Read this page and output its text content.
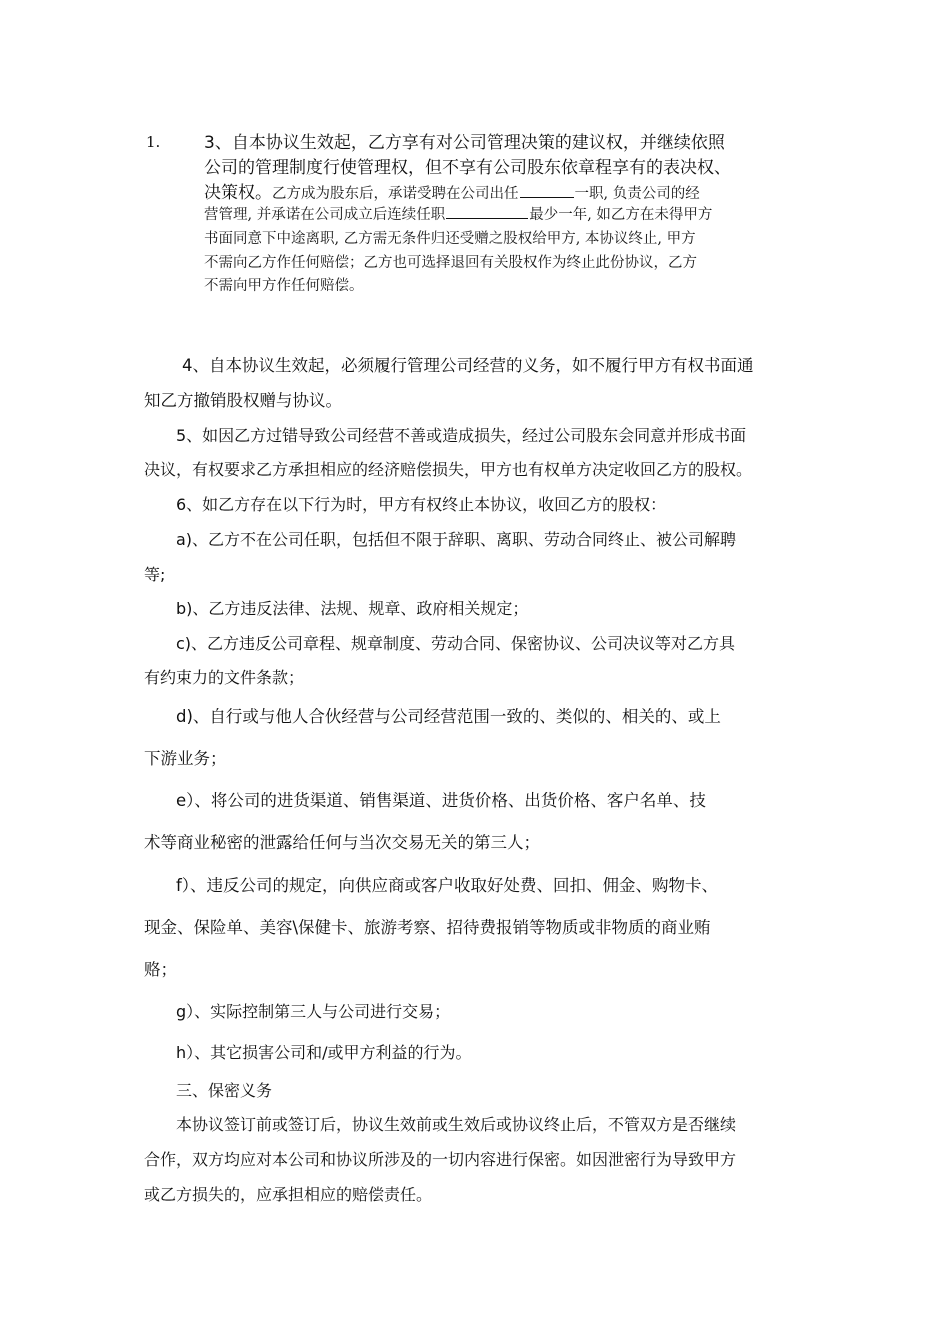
1.	3、自本协议生效起，乙方享有对公司管理决策的建议权，并继续依照
公司的管理制度行使管理权，但不享有公司股东依章程享有的表决权、
决策权。乙方成为股东后，承诺受聘在公司出任	一职, 负责公司的经
营管理, 并承诺在公司成立后连续任职	最少一年, 如乙方在未得甲方
书面同意下中途离职, 乙方需无条件归还受赠之股权给甲方, 本协议终止, 甲方
不需向乙方作任何赔偿；乙方也可选择退回有关股权作为终止此份协议，乙方
不需向甲方作任何赔偿。
4、自本协议生效起，必须履行管理公司经营的义务，如不履行甲方有权书面通
知乙方撤销股权赠与协议。
5、如因乙方过错导致公司经营不善或造成损失，经过公司股东会同意并形成书面
决议，有权要求乙方承担相应的经济赔偿损失，甲方也有权单方决定收回乙方的股权。
6、如乙方存在以下行为时，甲方有权终止本协议，收回乙方的股权：
a)、乙方不在公司任职，包括但不限于辞职、离职、劳动合同终止、被公司解聘
等;
b)、乙方违反法律、法规、规章、政府相关规定；
c)、乙方违反公司章程、规章制度、劳动合同、保密协议、公司决议等对乙方具
有约束力的文件条款；
d)、自行或与他人合伙经营与公司经营范围一致的、类似的、相关的、或上
下游业务；
e）、将公司的进货渠道、销售渠道、进货价格、出货价格、客户名单、技
术等商业秘密的泄露给任何与当次交易无关的第三人；
f）、违反公司的规定，向供应商或客户收取好处费、回扣、佣金、购物卡、
现金、保险单、美容\保健卡、旅游考察、招待费报销等物质或非物质的商业贿
赂；
g）、实际控制第三人与公司进行交易；
h）、其它损害公司和/或甲方利益的行为。
三、保密义务
本协议签订前或签订后，协议生效前或生效后或协议终止后，不管双方是否继续
合作，双方均应对本公司和协议所涉及的一切内容进行保密。如因泄密行为导致甲方
或乙方损失的，应承担相应的赔偿责任。
